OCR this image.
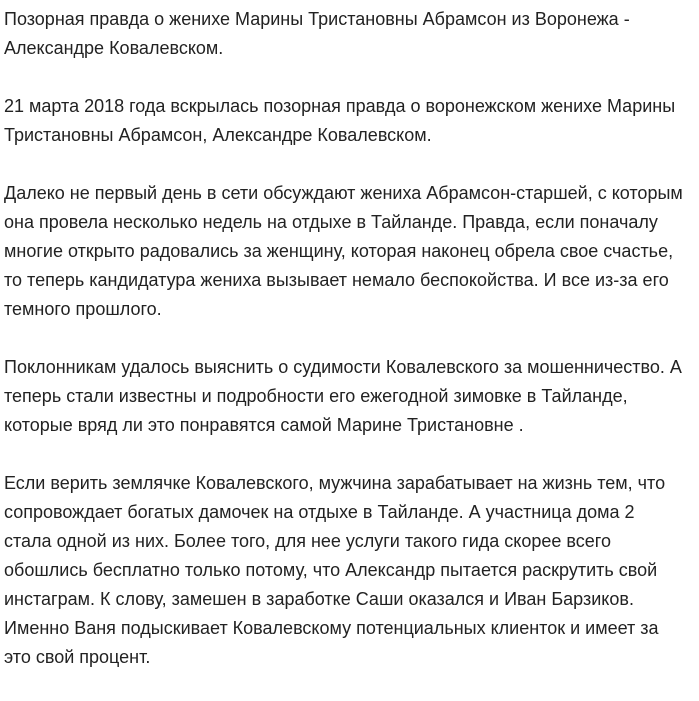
Позорная правда о женихе Марины Тристановны Абрамсон из Воронежа - Александре Ковалевском.

21 марта 2018 года вскрылась позорная правда о воронежском женихе Марины Тристановны Абрамсон, Александре Ковалевском.

Далеко не первый день в сети обсуждают жениха Абрамсон-старшей, с которым она провела несколько недель на отдыхе в Тайланде. Правда, если поначалу многие открыто радовались за женщину, которая наконец обрела свое счастье, то теперь кандидатура жениха вызывает немало беспокойства. И все из-за его темного прошлого.

Поклонникам удалось выяснить о судимости Ковалевского за мошенничество. А теперь стали известны и подробности его ежегодной зимовке в Тайланде, которые вряд ли это понравятся самой Марине Тристановне .

Если верить землячке Ковалевского, мужчина зарабатывает на жизнь тем, что сопровождает богатых дамочек на отдыхе в Тайланде. А участница дома 2 стала одной из них. Более того, для нее услуги такого гида скорее всего обошлись бесплатно только потому, что Александр пытается раскрутить свой инстаграм. К слову, замешен в заработке Саши оказался и Иван Барзиков. Именно Ваня подыскивает Ковалевскому потенциальных клиенток и имеет за это свой процент.
